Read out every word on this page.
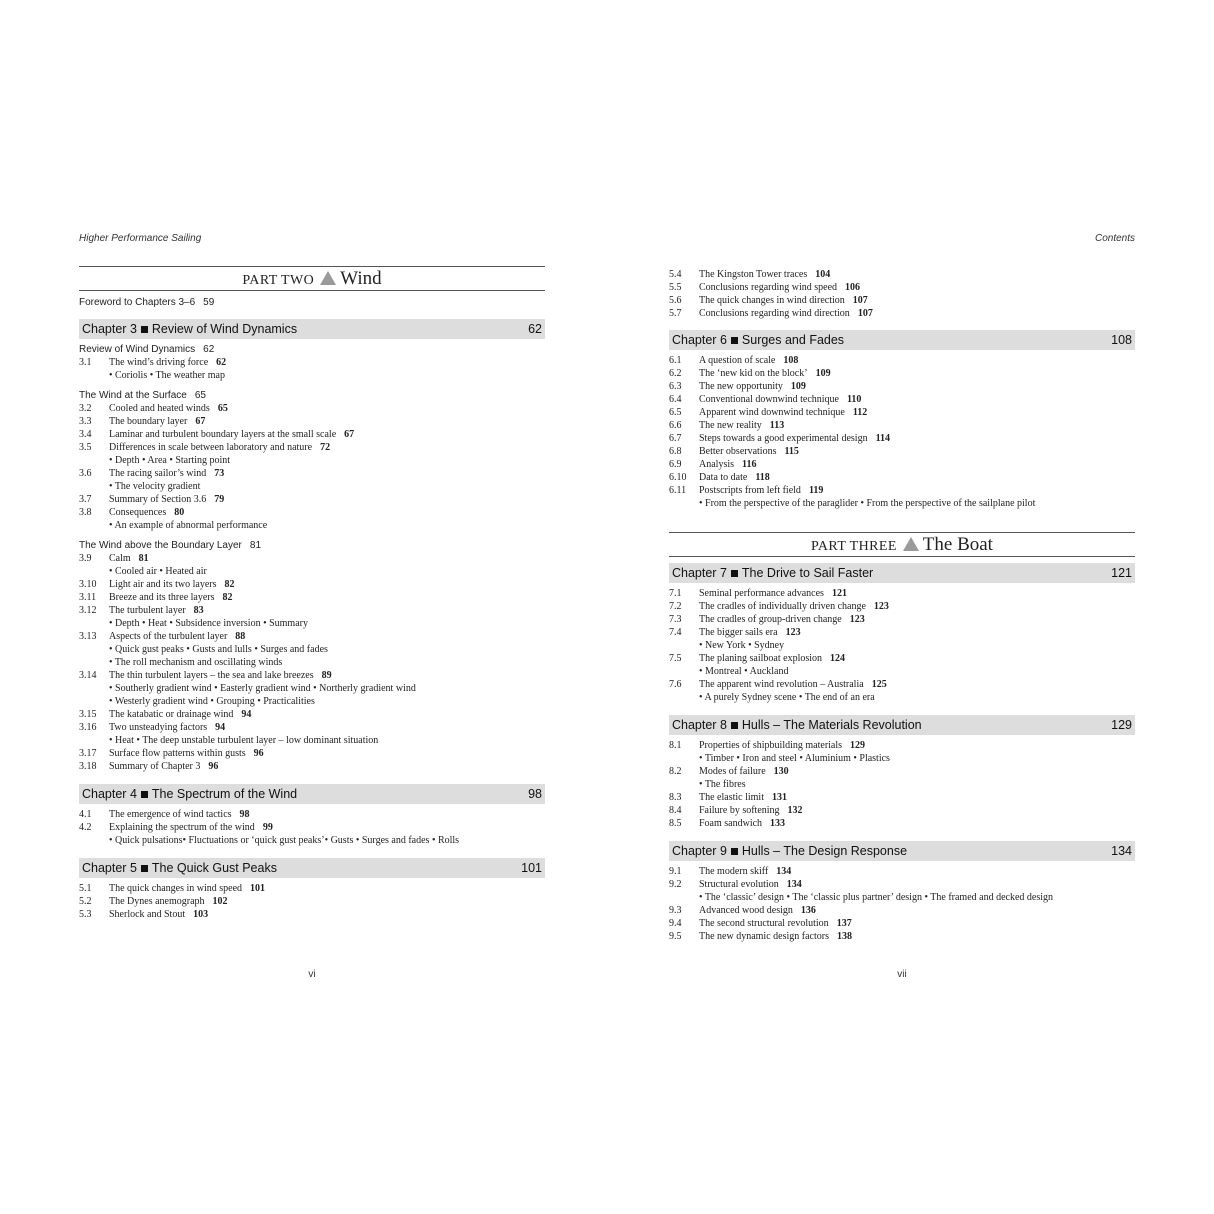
Higher Performance Sailing
PART TWO Wind
Foreword to Chapters 3–6 59
Chapter 3 Review of Wind Dynamics	62
Review of Wind Dynamics 62
3.1	The wind’s driving force 62
• Coriolis • The weather map
The Wind at the Surface 65
3.2	Cooled and heated winds 65
3.3	The boundary layer 67
3.4	Laminar and turbulent boundary layers at the small scale 67
3.5	Differences in scale between laboratory and nature 72
• Depth • Area • Starting point
3.6	The racing sailor’s wind 73
• The velocity gradient
3.7	Summary of Section 3.6 79
3.8	Consequences 80
• An example of abnormal performance
The Wind above the Boundary Layer 81
3.9	Calm 81
• Cooled air • Heated air
3.10	Light air and its two layers 82
3.11	Breeze and its three layers 82
3.12	The turbulent layer 83
• Depth • Heat • Subsidence inversion • Summary
3.13	Aspects of the turbulent layer 88
• Quick gust peaks • Gusts and lulls • Surges and fades
• The roll mechanism and oscillating winds
3.14	The thin turbulent layers – the sea and lake breezes 89
• Southerly gradient wind • Easterly gradient wind • Northerly gradient wind
• Westerly gradient wind • Grouping • Practicalities
3.15	The katabatic or drainage wind 94
3.16	Two unsteadying factors 94
• Heat • The deep unstable turbulent layer – low dominant situation
3.17	Surface flow patterns within gusts 96
3.18	Summary of Chapter 3 96
Chapter 4 The Spectrum of the Wind	98
4.1	The emergence of wind tactics 98
4.2	Explaining the spectrum of the wind 99
• Quick pulsations• Fluctuations or ‘quick gust peaks’• Gusts • Surges and fades • Rolls
Chapter 5 The Quick Gust Peaks	101
5.1	The quick changes in wind speed 101
5.2	The Dynes anemograph 102
5.3	Sherlock and Stout 103
vi
Contents
5.4	The Kingston Tower traces 104
5.5	Conclusions regarding wind speed 106
5.6	The quick changes in wind direction 107
5.7	Conclusions regarding wind direction 107
Chapter 6 Surges and Fades	108
6.1	A question of scale 108
6.2	The ‘new kid on the block’ 109
6.3	The new opportunity 109
6.4	Conventional downwind technique 110
6.5	Apparent wind downwind technique 112
6.6	The new reality 113
6.7	Steps towards a good experimental design 114
6.8	Better observations 115
6.9	Analysis 116
6.10	Data to date 118
6.11	Postscripts from left field 119
• From the perspective of the paraglider • From the perspective of the sailplane pilot
PART THREE The Boat
Chapter 7 The Drive to Sail Faster	121
7.1	Seminal performance advances 121
7.2	The cradles of individually driven change 123
7.3	The cradles of group-driven change 123
7.4	The bigger sails era 123
• New York • Sydney
7.5	The planing sailboat explosion 124
• Montreal • Auckland
7.6	The apparent wind revolution – Australia 125
• A purely Sydney scene • The end of an era
Chapter 8 Hulls – The Materials Revolution	129
8.1	Properties of shipbuilding materials 129
• Timber • Iron and steel • Aluminium • Plastics
8.2	Modes of failure 130
• The fibres
8.3	The elastic limit 131
8.4	Failure by softening 132
8.5	Foam sandwich 133
Chapter 9 Hulls – The Design Response	134
9.1	The modern skiff 134
9.2	Structural evolution 134
• The ‘classic’ design • The ‘classic plus partner’ design • The framed and decked design
9.3	Advanced wood design 136
9.4	The second structural revolution 137
9.5	The new dynamic design factors 138
vii
